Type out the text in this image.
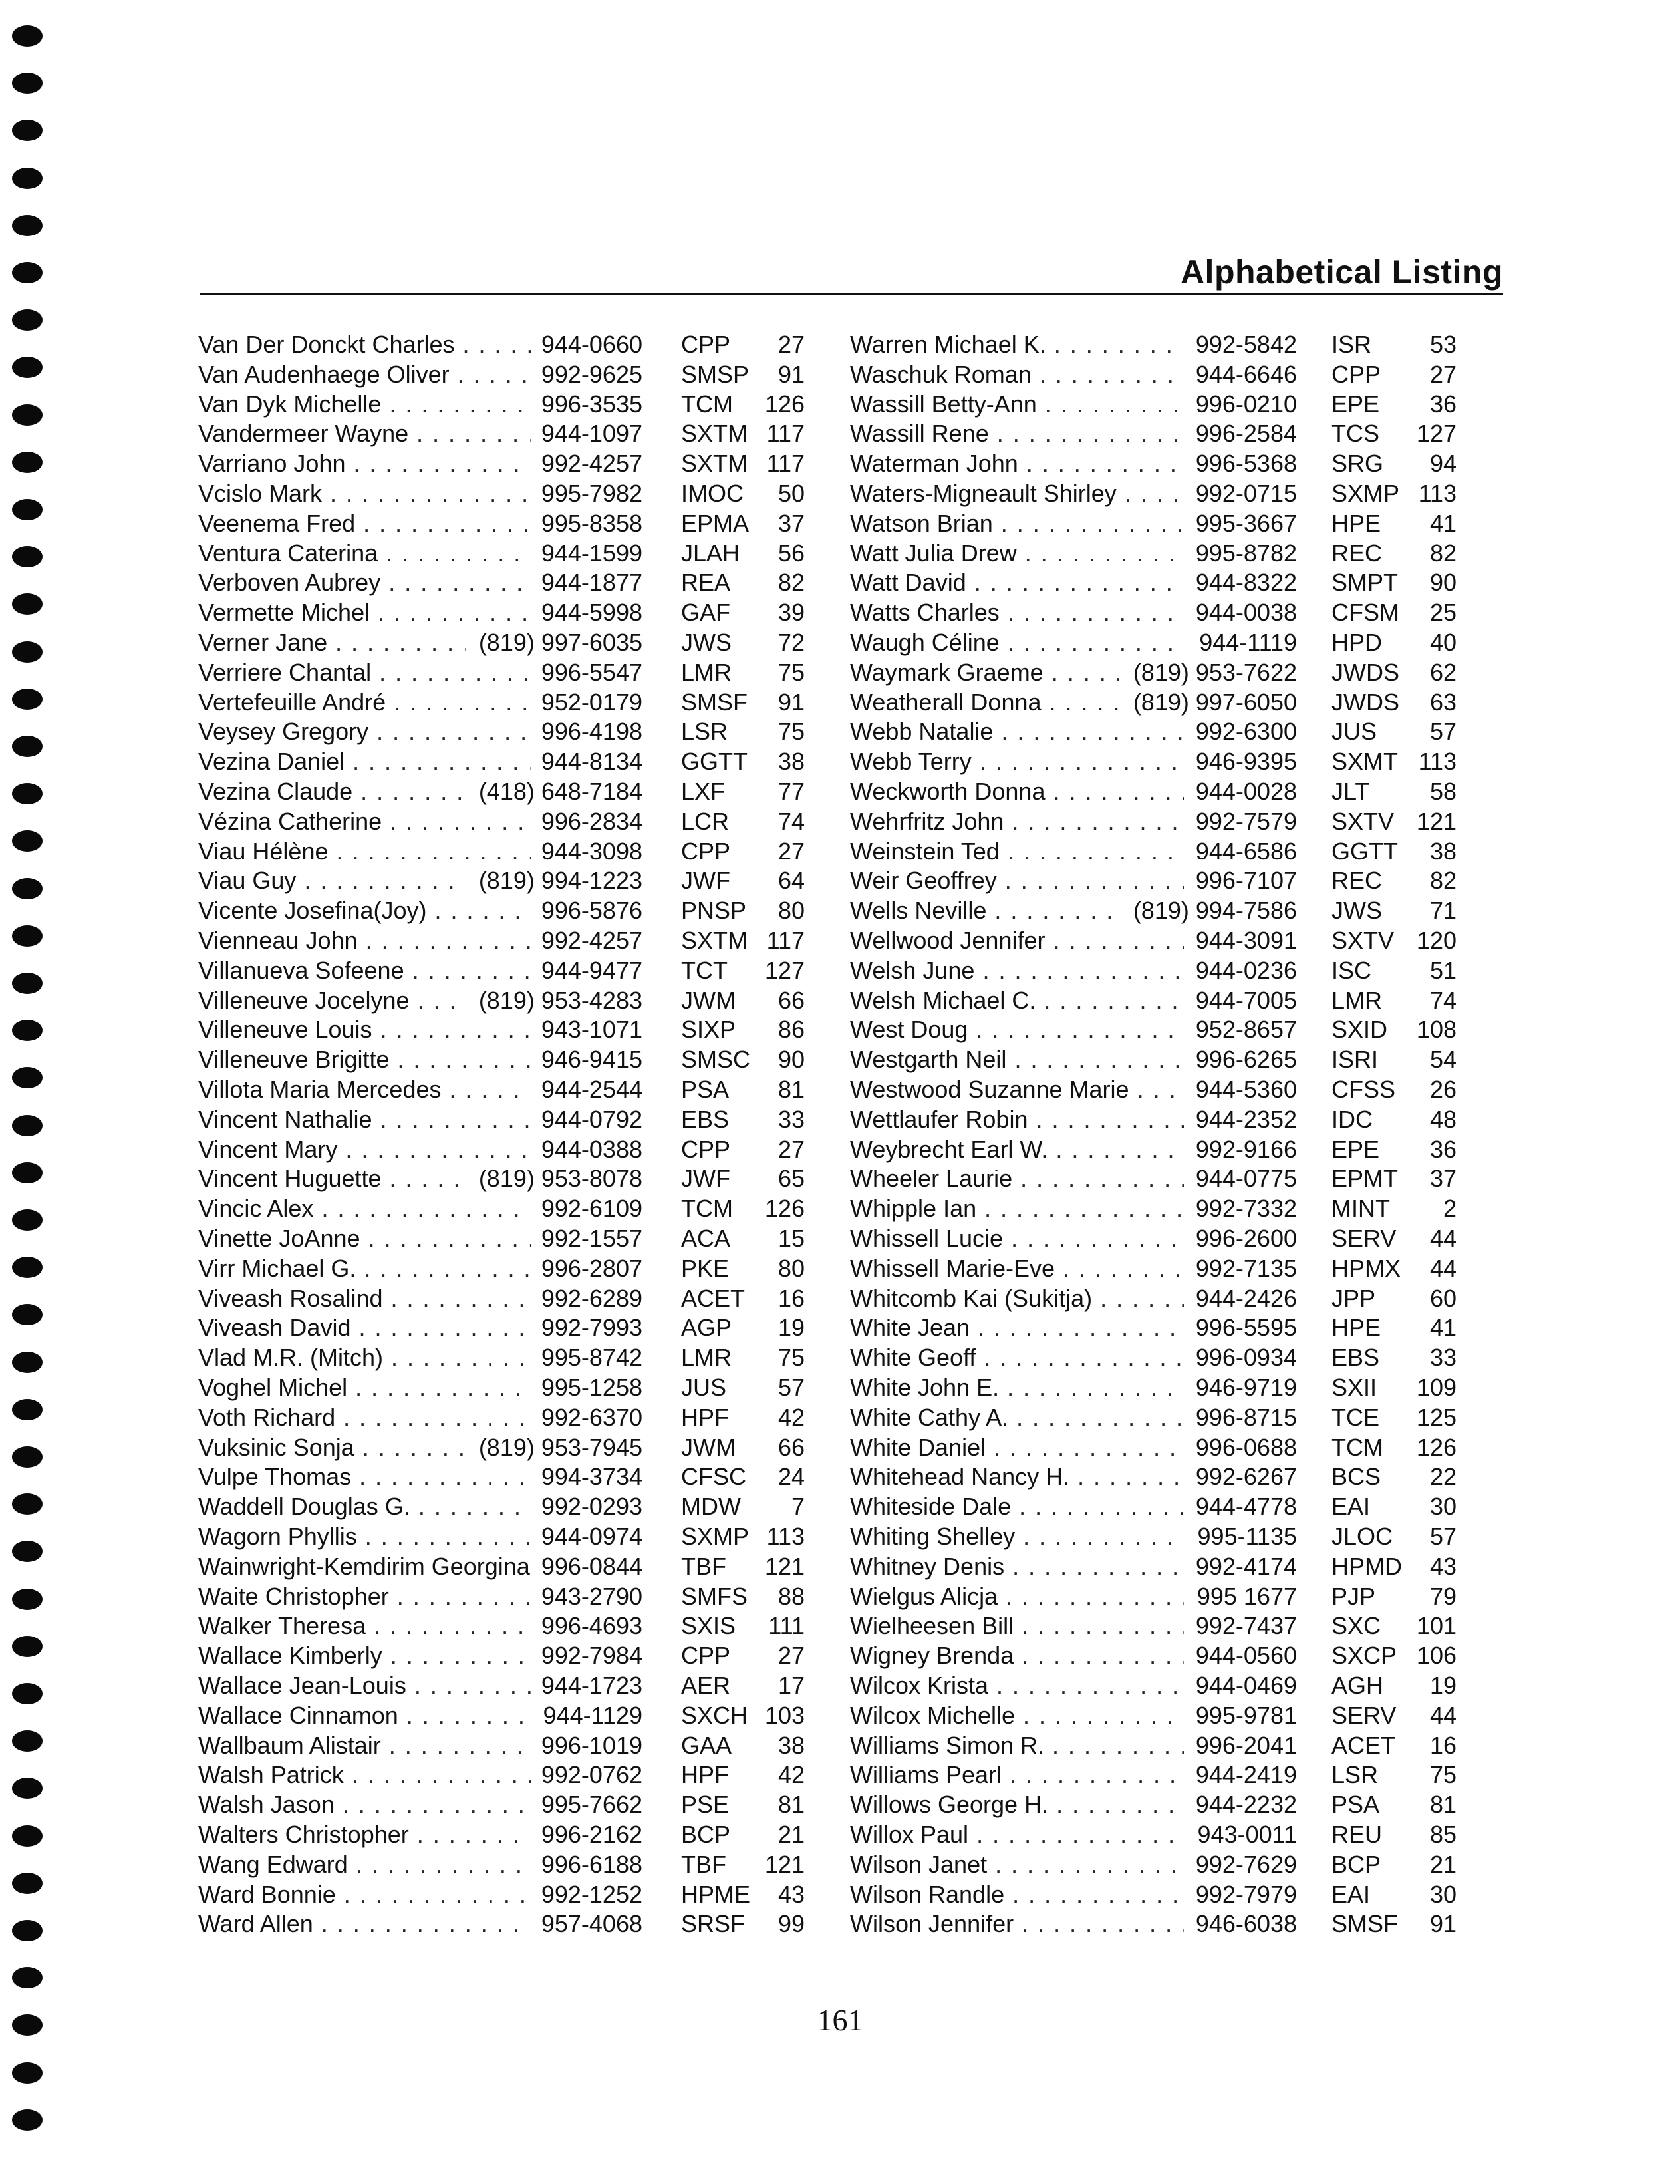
Alphabetical Listing
Van Der Donckt Charles . . .	944-0660 CPP	27
Van Audenhaege Oliver . . .	992-9625 SMSP	91
Van Dyk Michelle . . .	996-3535 TCM	126
Vandermeer Wayne . . .	944-1097 SXTM 117
Varriano John . . .	992-4257 SXTM 117
Vcislo Mark . . .	995-7982 IMOC	50
Veenema Fred . . .	995-8358 EPMA	37
Ventura Caterina . . .	944-1599 JLAH	56
Verboven Aubrey . . .	944-1877 REA	82
Vermette Michel . . .	944-5998 GAF	39
Verner Jane . . .	(819) 997-6035 JWS	72
Verriere Chantal . . .	996-5547 LMR	75
Vertefeuille André . . .	952-0179 SMSF	91
Veysey Gregory . . .	996-4198 LSR	75
Vezina Daniel . . .	944-8134 GGTT	38
Vezina Claude . . .	(418) 648-7184 LXF	77
Vézina Catherine . . .	996-2834 LCR	74
Viau Hélène . . .	944-3098 CPP	27
Viau Guy . . .	(819) 994-1223 JWF	64
Vicente Josefina(Joy) . . .	996-5876 PNSP	80
Vienneau John . . .	992-4257 SXTM 117
Villanueva Sofeene . . .	944-9477 TCT	127
Villeneuve Jocelyne . . .	(819) 953-4283 JWM	66
Villeneuve Louis . . .	943-1071 SIXP	86
Villeneuve Brigitte . . .	946-9415 SMSC	90
Villota Maria Mercedes . . .	944-2544 PSA	81
Vincent Nathalie . . .	944-0792 EBS	33
Vincent Mary . . .	944-0388 CPP	27
Vincent Huguette . . .	(819) 953-8078 JWF	65
Vincic Alex . . .	992-6109 TCM	126
Vinette JoAnne . . .	992-1557 ACA	15
Virr Michael G. . . .	996-2807 PKE	80
Viveash Rosalind . . .	992-6289 ACET	16
Viveash David . . .	992-7993 AGP	19
Vlad M.R. (Mitch) . . .	995-8742 LMR	75
Voghel Michel . . .	995-1258 JUS	57
Voth Richard . . .	992-6370 HPF	42
Vuksinic Sonja . . .	(819) 953-7945 JWM	66
Vulpe Thomas . . .	994-3734 CFSC	24
Waddell Douglas G. . . .	992-0293 MDW	7
Wagorn Phyllis . . .	944-0974 SXMP 113
Wainwright-Kemdirim Georgina . . . 996-0844 TBF	121
Waite Christopher . . .	943-2790 SMFS	88
Walker Theresa . . .	996-4693 SXIS	111
Wallace Kimberly . . .	992-7984 CPP	27
Wallace Jean-Louis . . .	944-1723 AER	17
Wallace Cinnamon . . .	944-1129 SXCH 103
Wallbaum Alistair . . .	996-1019 GAA	38
Walsh Patrick . . .	992-0762 HPF	42
Walsh Jason . . .	995-7662 PSE	81
Walters Christopher . . .	996-2162 BCP	21
Wang Edward . . .	996-6188 TBF	121
Ward Bonnie . . .	992-1252 HPME	43
Ward Allen . . .	957-4068 SRSF	99
Warren Michael K. . . .	992-5842 ISR	53
Waschuk Roman . . .	944-6646 CPP	27
Wassill Betty-Ann . . .	996-0210 EPE	36
Wassill Rene . . .	996-2584 TCS	127
Waterman John . . .	996-5368 SRG	94
Waters-Migneault Shirley . . .	992-0715 SXMP 113
Watson Brian . . .	995-3667 HPE	41
Watt Julia Drew . . .	995-8782 REC	82
Watt David . . .	944-8322 SMPT	90
Watts Charles . . .	944-0038 CFSM	25
Waugh Céline . . .	944-1119 HPD	40
Waymark Graeme . . .	(819) 953-7622 JWDS	62
Weatherall Donna . . .	(819) 997-6050 JWDS	63
Webb Natalie . . .	992-6300 JUS	57
Webb Terry . . .	946-9395 SXMT 113
Weckworth Donna . . .	944-0028 JLT	58
Wehrfritz John . . .	992-7579 SXTV 121
Weinstein Ted . . .	944-6586 GGTT	38
Weir Geoffrey . . .	996-7107 REC	82
Wells Neville . . .	(819) 994-7586 JWS	71
Wellwood Jennifer . . .	944-3091 SXTV 120
Welsh June . . .	944-0236 ISC	51
Welsh Michael C. . . .	944-7005 LMR	74
West Doug . . .	952-8657 SXID	108
Westgarth Neil . . .	996-6265 ISRI	54
Westwood Suzanne Marie . . .	944-5360 CFSS	26
Wettlaufer Robin . . .	944-2352 IDC	48
Weybrecht Earl W. . . .	992-9166 EPE	36
Wheeler Laurie . . .	944-0775 EPMT	37
Whipple Ian . . .	992-7332 MINT	2
Whissell Lucie . . .	996-2600 SERV	44
Whissell Marie-Eve . . .	992-7135 HPMX	44
Whitcomb Kai (Sukitja) . . .	944-2426 JPP	60
White Jean . . .	996-5595 HPE	41
White Geoff . . .	996-0934 EBS	33
White John E. . . .	946-9719 SXII	109
White Cathy A. . . .	996-8715 TCE	125
White Daniel . . .	996-0688 TCM	126
Whitehead Nancy H. . . .	992-6267 BCS	22
Whiteside Dale . . .	944-4778 EAI	30
Whiting Shelley . . .	995-1135 JLOC	57
Whitney Denis . . .	992-4174 HPMD	43
Wielgus Alicja . . .	995 1677 PJP	79
Wielheesen Bill . . .	992-7437 SXC	101
Wigney Brenda . . .	944-0560 SXCP 106
Wilcox Krista . . .	944-0469 AGH	19
Wilcox Michelle . . .	995-9781 SERV	44
Williams Simon R. . . .	996-2041 ACET	16
Williams Pearl . . .	944-2419 LSR	75
Willows George H. . . .	944-2232 PSA	81
Willox Paul . . .	943-0011 REU	85
Wilson Janet . . .	992-7629 BCP	21
Wilson Randle . . .	992-7979 EAI	30
Wilson Jennifer . . .	946-6038 SMSF	91
161
